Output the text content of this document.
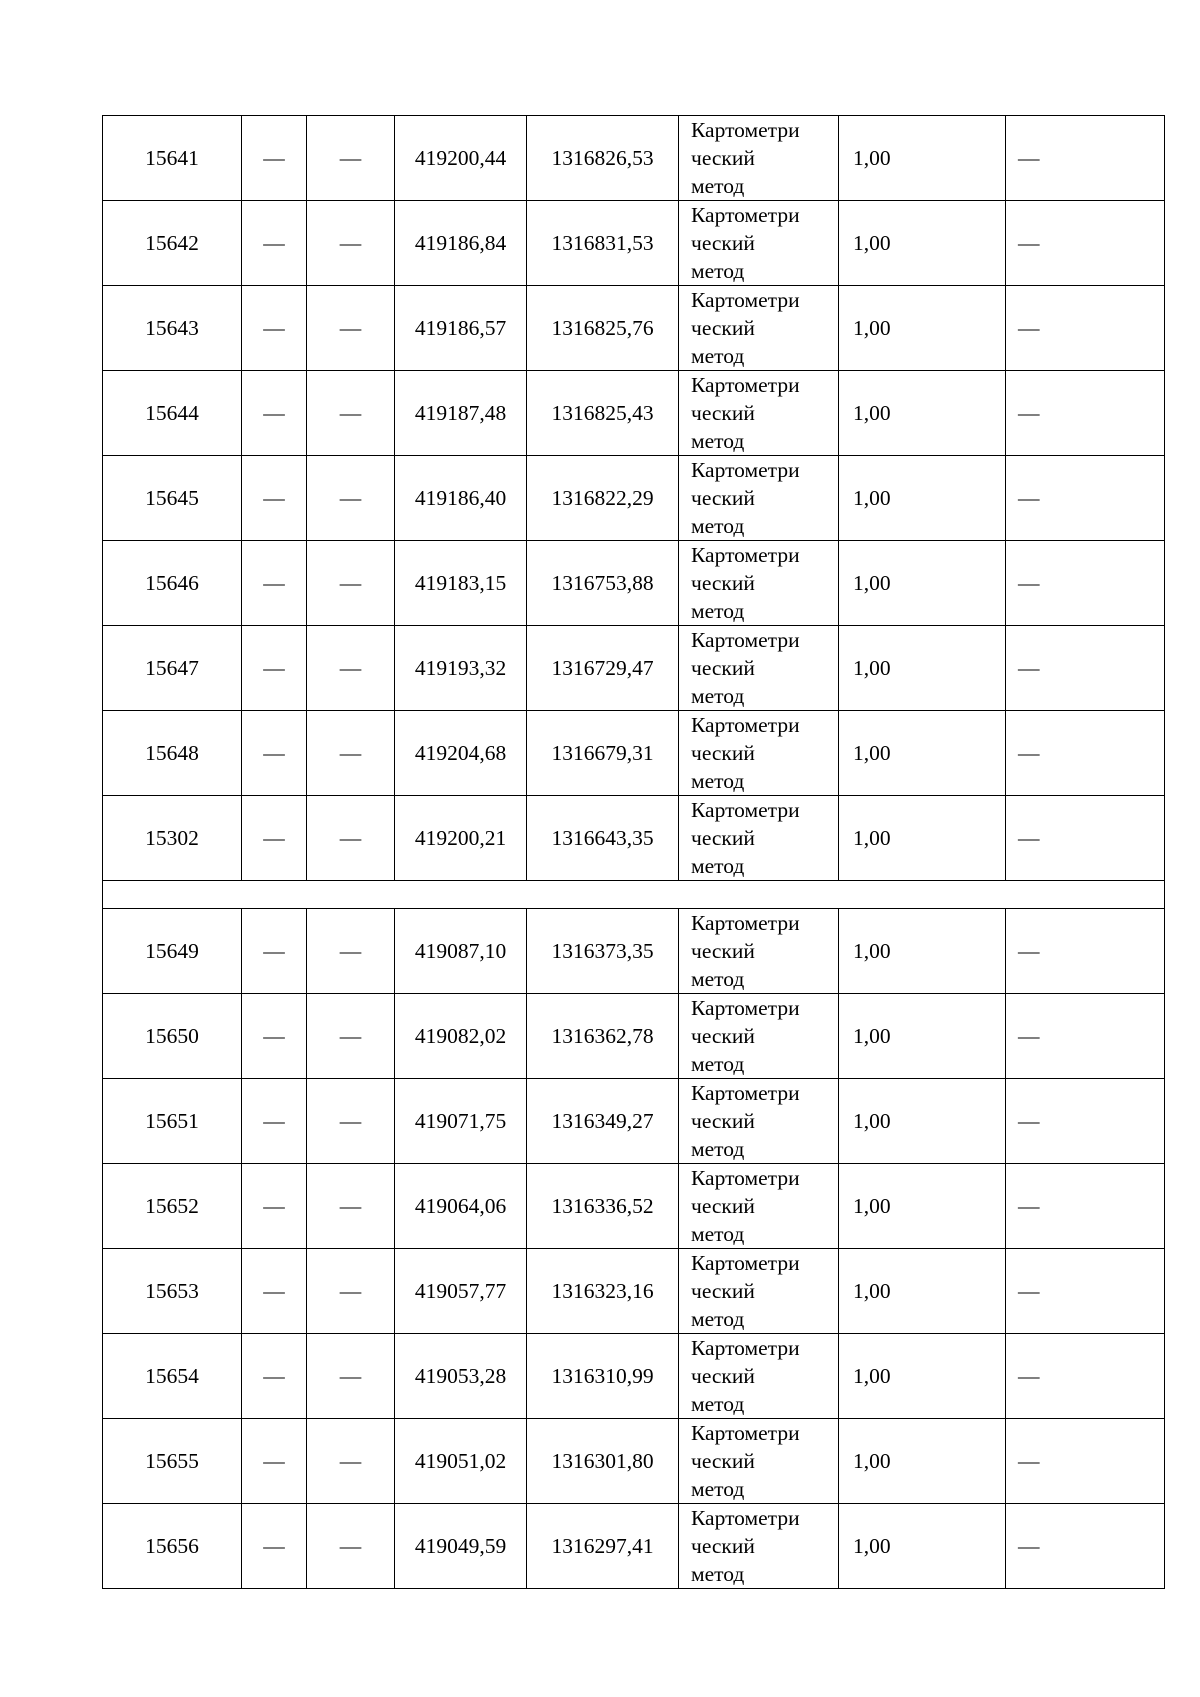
15641	—	—	419200,44	1316826,53	Картометри
ческий
метод	1,00	—
15642	—	—	419186,84	1316831,53	Картометри
ческий
метод	1,00	—
15643	—	—	419186,57	1316825,76	Картометри
ческий
метод	1,00	—
15644	—	—	419187,48	1316825,43	Картометри
ческий
метод	1,00	—
15645	—	—	419186,40	1316822,29	Картометри
ческий
метод	1,00	—
15646	—	—	419183,15	1316753,88	Картометри
ческий
метод	1,00	—
15647	—	—	419193,32	1316729,47	Картометри
ческий
метод	1,00	—
15648	—	—	419204,68	1316679,31	Картометри
ческий
метод	1,00	—
15302	—	—	419200,21	1316643,35	Картометри
ческий
метод	1,00	—

15649	—	—	419087,10	1316373,35	Картометри
ческий
метод	1,00	—
15650	—	—	419082,02	1316362,78	Картометри
ческий
метод	1,00	—
15651	—	—	419071,75	1316349,27	Картометри
ческий
метод	1,00	—
15652	—	—	419064,06	1316336,52	Картометри
ческий
метод	1,00	—
15653	—	—	419057,77	1316323,16	Картометри
ческий
метод	1,00	—
15654	—	—	419053,28	1316310,99	Картометри
ческий
метод	1,00	—
15655	—	—	419051,02	1316301,80	Картометри
ческий
метод	1,00	—
15656	—	—	419049,59	1316297,41	Картометри
ческий
метод	1,00	—
